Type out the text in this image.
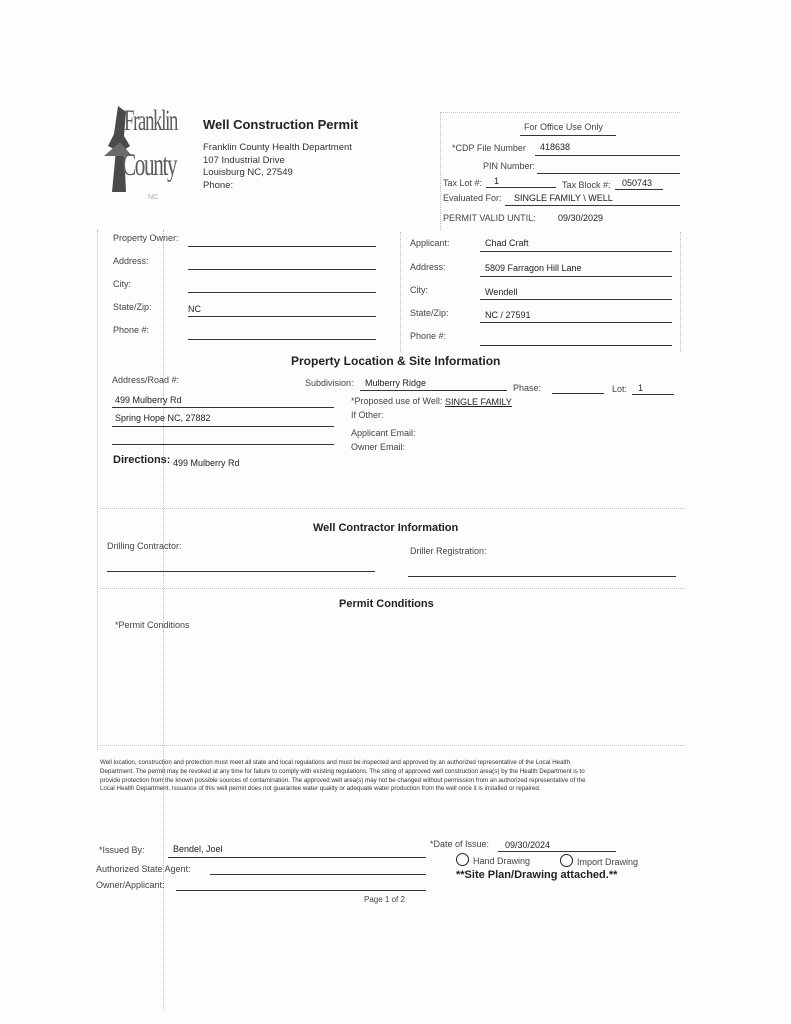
Franklin
County
NC
Well Construction Permit
Franklin County Health Department
107 Industrial Drive
Louisburg NC, 27549
Phone:
For Office Use Only
*CDP File Number 418638
PIN Number:
Tax Lot #: 1	Tax Block #: 050743
Evaluated For: SINGLE FAMILY \ WELL
PERMIT VALID UNTIL: 09/30/2029
Property Owner:
Address:
City:
State/Zip:	NC
Phone #:
Applicant:	Chad Craft
Address:	5809 Farragon Hill Lane
City:	Wendell
State/Zip:	NC / 27591
Phone #:
Property Location & Site Information
Address/Road #:
499 Mulberry Rd
Spring Hope NC, 27882
Subdivision: Mulberry Ridge	Phase:	Lot: 1
*Proposed use of Well: SINGLE FAMILY
If Other:
Applicant Email:
Owner Email:
Directions: 499 Mulberry Rd
Well Contractor Information
Drilling Contractor:	Driller Registration:
Permit Conditions
*Permit Conditions
Well location, construction and protection must meet all state and local regulations and must be inspected and approved by an authorized representative of the Local Health Department. The permit may be revoked at any time for failure to comply with existing regulations. The siting of approved well construction area(s) by the Health Department is to provide protection from the known possible sources of contamination. The approved well area(s) may not be changed without permission from an authorized representative of the Local Health Department. Issuance of this well permit does not guarantee water quality or adequate water production from the well once it is installed or repaired.
*Issued By:	Bendel, Joel
Authorized State Agent:
Owner/Applicant:
*Date of Issue: 09/30/2024
Hand Drawing	Import Drawing
**Site Plan/Drawing attached.**
Page 1 of 2
